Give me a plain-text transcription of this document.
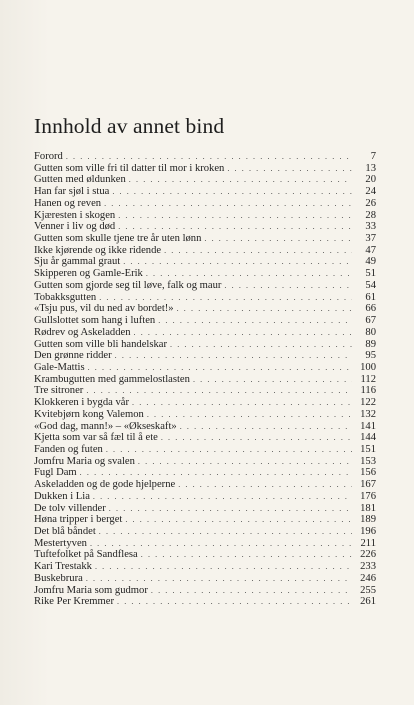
Innhold av annet bind
Forord . . .	7
Gutten som ville fri til datter til mor i kroken . . .	13
Gutten med øldunken . . .	20
Han far sjøl i stua . . .	24
Hanen og reven . . .	26
Kjæresten i skogen . . .	28
Venner i liv og død . . .	33
Gutten som skulle tjene tre år uten lønn . . .	37
Ikke kjørende og ikke ridende . . .	47
Sju år gammal graut . . .	49
Skipperen og Gamle-Erik . . .	51
Gutten som gjorde seg til løve, falk og maur . . .	54
Tobakksgutten . . .	61
«Tsju pus, vil du ned av bordet!» . . .	66
Gullslottet som hang i luften . . .	67
Rødrev og Askeladden . . .	80
Gutten som ville bli handelskar . . .	89
Den grønne ridder . . .	95
Gale-Mattis . . .	100
Krambugutten med gammelostlasten . . .	112
Tre sitroner . . .	116
Klokkeren i bygda vår . . .	122
Kvitebjørn kong Valemon . . .	132
«God dag, mann!» – «Økseskaft» . . .	141
Kjetta som var så fæl til å ete . . .	144
Fanden og futen . . .	151
Jomfru Maria og svalen . . .	153
Fugl Dam . . .	156
Askeladden og de gode hjelperne . . .	167
Dukken i Lia . . .	176
De tolv villender . . .	181
Høna tripper i berget . . .	189
Det blå båndet . . .	196
Mestertyven . . .	211
Tuftefolket på Sandflesa . . .	226
Kari Trestakk . . .	233
Buskebrura . . .	246
Jomfru Maria som gudmor . . .	255
Rike Per Kremmer . . .	261
